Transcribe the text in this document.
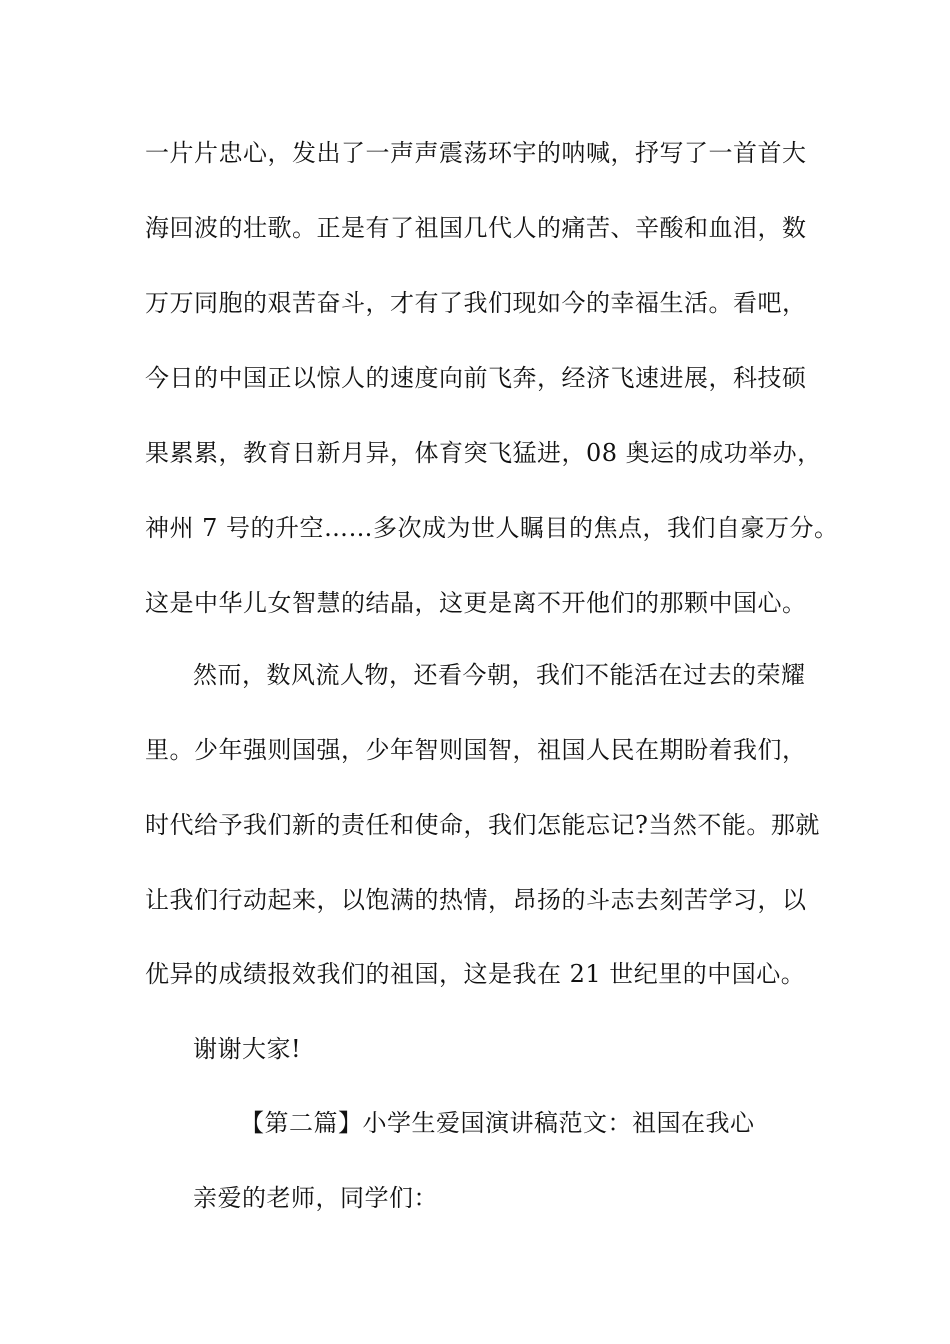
一片片忠心，发出了一声声震荡环宇的呐喊，抒写了一首首大
海回波的壮歌。正是有了祖国几代人的痛苦、辛酸和血泪，数
万万同胞的艰苦奋斗，才有了我们现如今的幸福生活。看吧，
今日的中国正以惊人的速度向前飞奔，经济飞速进展，科技硕
果累累，教育日新月异，体育突飞猛进，08 奥运的成功举办，
神州 7 号的升空……多次成为世人瞩目的焦点，我们自豪万分。
这是中华儿女智慧的结晶，这更是离不开他们的那颗中国心。
然而，数风流人物，还看今朝，我们不能活在过去的荣耀
里。少年强则国强，少年智则国智，祖国人民在期盼着我们，
时代给予我们新的责任和使命，我们怎能忘记?当然不能。那就
让我们行动起来，以饱满的热情，昂扬的斗志去刻苦学习，以
优异的成绩报效我们的祖国，这是我在 21 世纪里的中国心。
谢谢大家!
【第二篇】小学生爱国演讲稿范文：祖国在我心
亲爱的老师，同学们：
